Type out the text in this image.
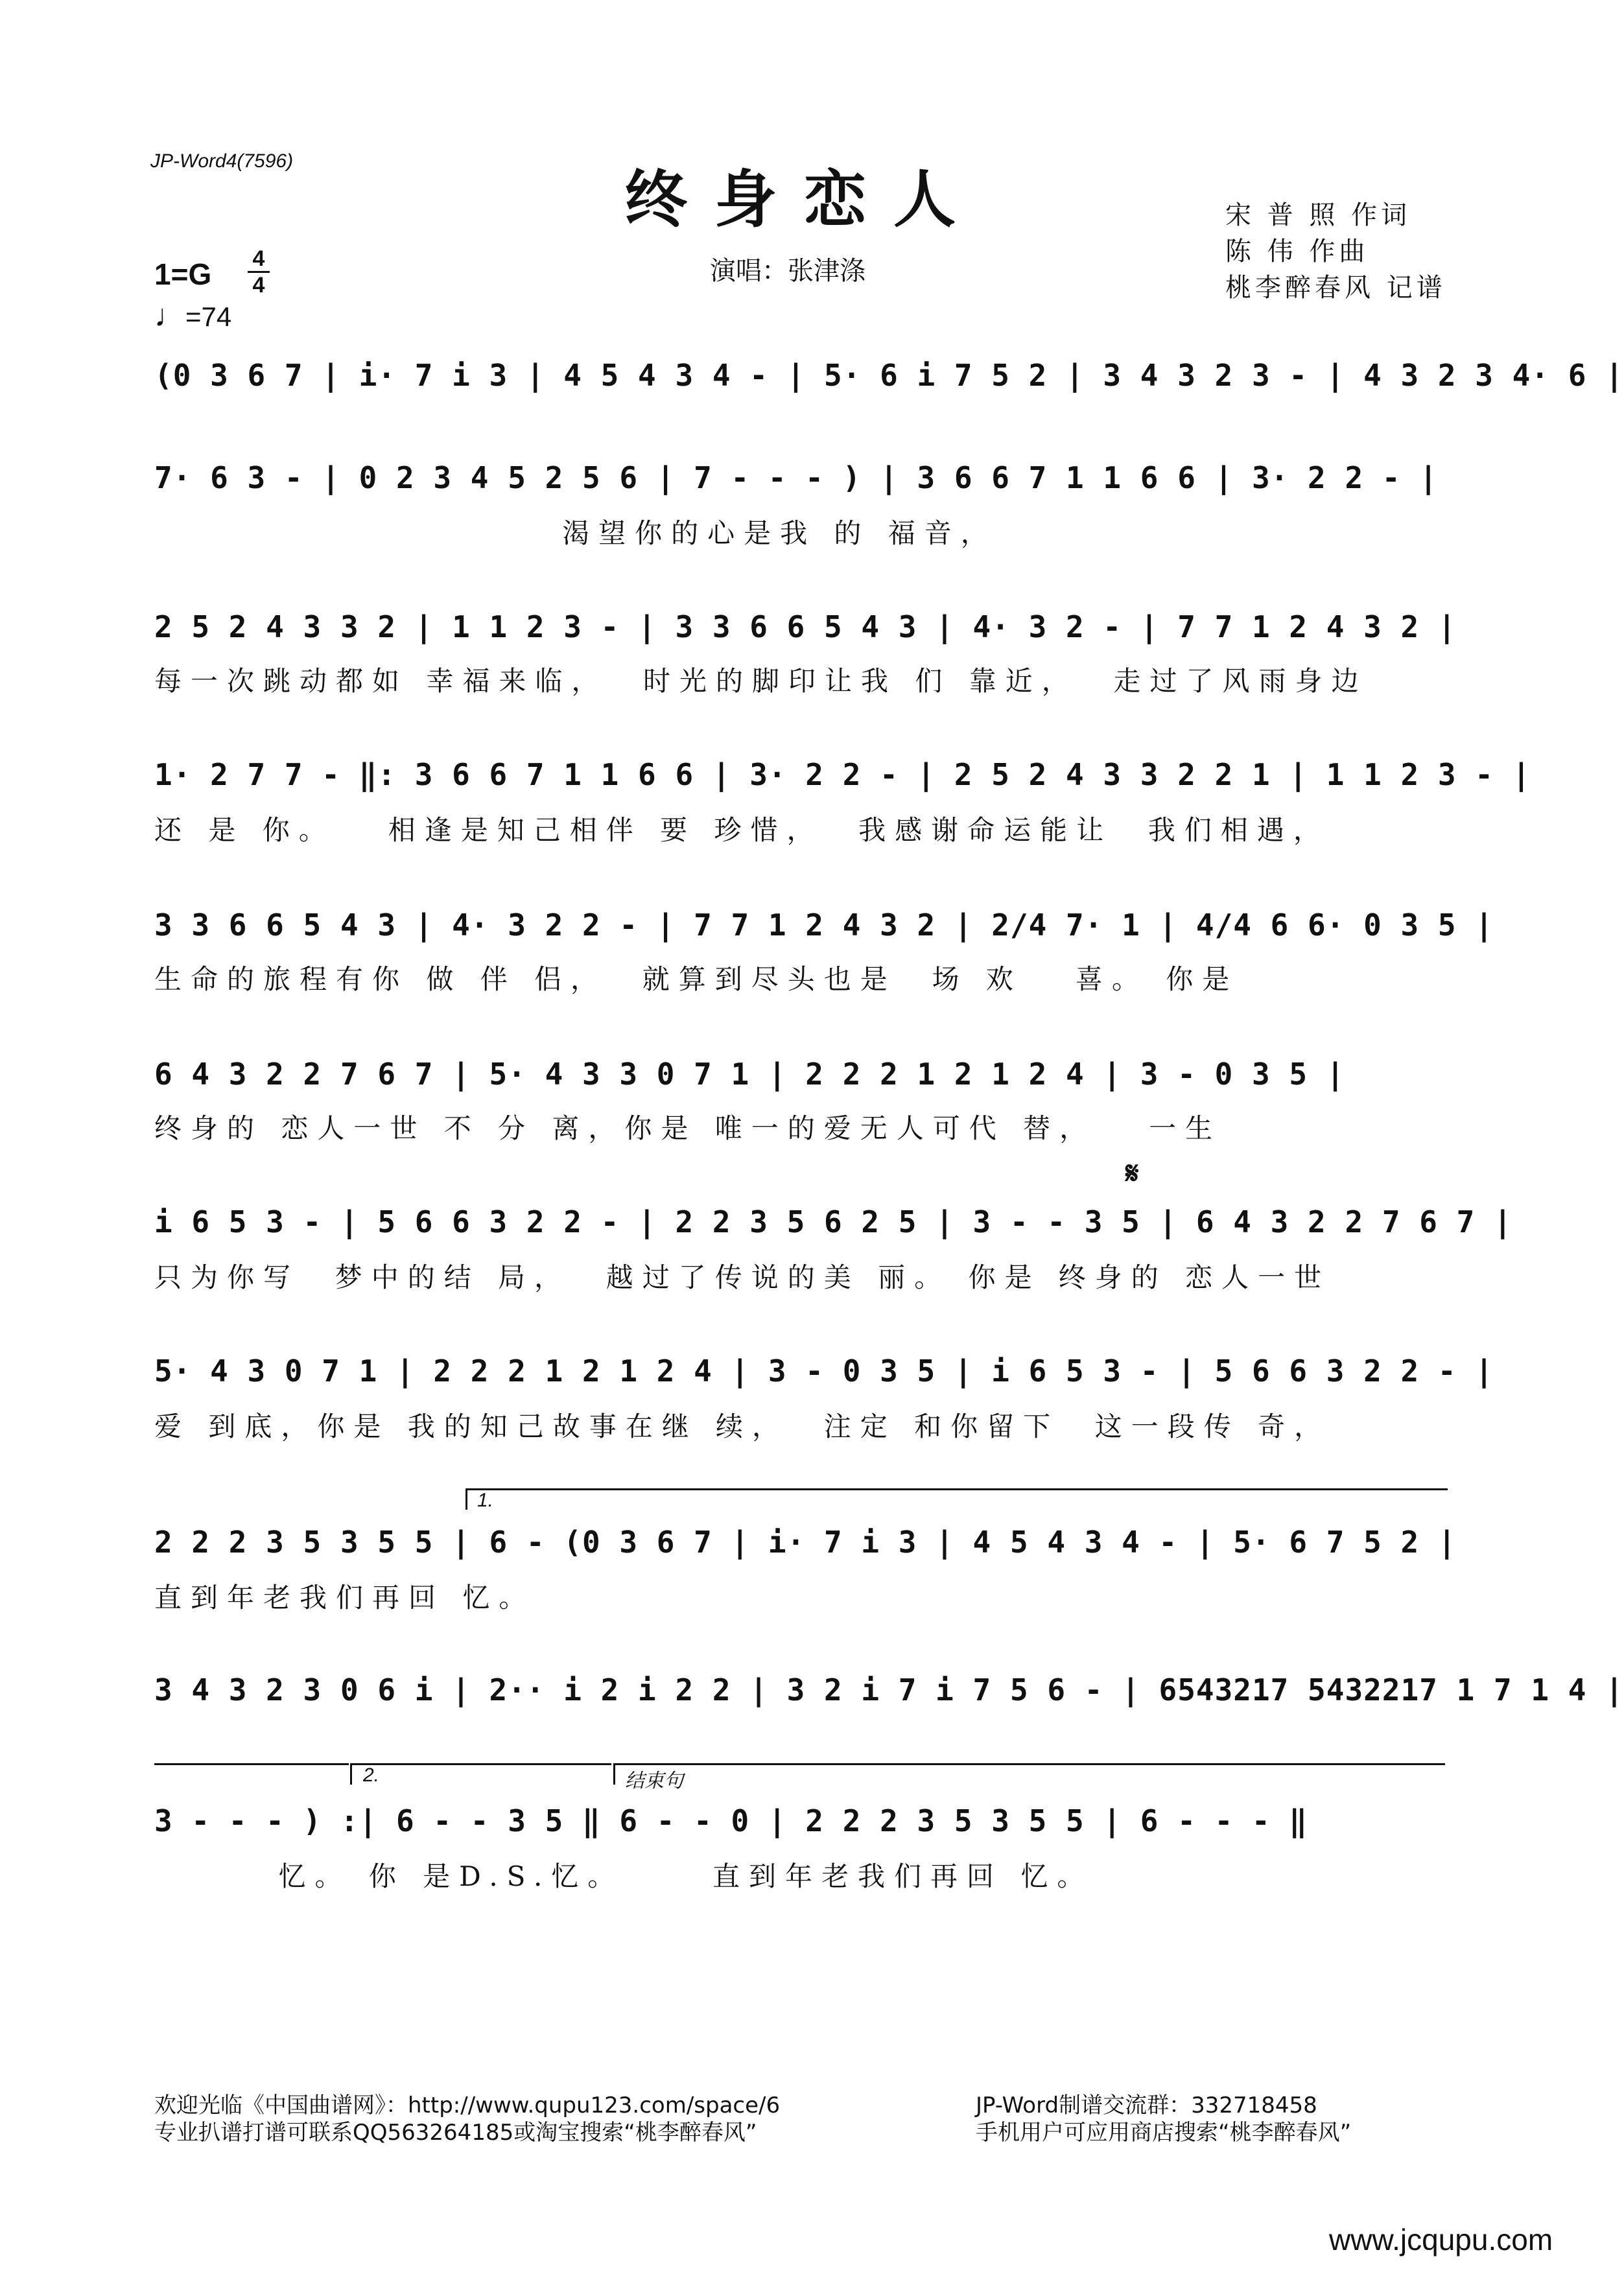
JP-Word4(7596)
终身恋人
演唱：张津涤
宋 普 照 作词
陈 伟 作曲
桃李醉春风 记谱
1=G 4
4
♩=74
(0 3 6 7 | i· 7 i 3 | 4 5 4 3 4 - | 5· 6 i 7 5 2 | 3 4 3 2 3 - | 4 3 2 3 4· 6 |
7· 6 3 - | 0 2 3 4 5 2 5 6 | 7 - - - ) | 3 6 6 7 1 1 6 6 | 3· 2 2 - |
渴望你的心是我 的 福音，
2 5 2 4 3 3 2 | 1 1 2 3 - | 3 3 6 6 5 4 3 | 4· 3 2 - | 7 7 1 2 4 3 2 |
每一次跳动都如 幸福来临，  时光的脚印让我 们 靠近，  走过了风雨身边
1· 2 7 7 - ‖: 3 6 6 7 1 1 6 6 | 3· 2 2 - | 2 5 2 4 3 3 2 2 1 | 1 1 2 3 - |
还 是 你。   相逢是知己相伴 要 珍惜，  我感谢命运能让  我们相遇，
3 3 6 6 5 4 3 | 4· 3 2 2 - | 7 7 1 2 4 3 2 | 2/4 7· 1 | 4/4 6 6· 0 3 5 |
生命的旅程有你 做 伴 侣，  就算到尽头也是  场 欢   喜。 你是
6 4 3 2 2 7 6 7 | 5· 4 3 3 0 7 1 | 2 2 2 1 2 1 2 4 | 3 - 0 3 5 |
终身的 恋人一世 不 分 离，你是 唯一的爱无人可代 替，   一生
𝄋
i 6 5 3 - | 5 6 6 3 2 2 - | 2 2 3 5 6 2 5 | 3 - - 3 5 | 6 4 3 2 2 7 6 7 |
只为你写  梦中的结 局，  越过了传说的美 丽。 你是 终身的 恋人一世
5· 4 3 0 7 1 | 2 2 2 1 2 1 2 4 | 3 - 0 3 5 | i 6 5 3 - | 5 6 6 3 2 2 - |
爱 到底，你是 我的知己故事在继 续，  注定 和你留下  这一段传 奇，
1.
2 2 2 3 5 3 5 5 | 6 - (0 3 6 7 | i· 7 i 3 | 4 5 4 3 4 - | 5· 6 7 5 2 |
直到年老我们再回 忆。
3 4 3 2 3 0 6 i | 2·· i 2 i 2 2 | 3 2 i 7 i 7 5 6 - | 6543217 5432217 1 7 1 4 |
2.	结束句
3 - - - ) :| 6 - - 3 5 ‖ 6 - - 0 | 2 2 2 3 5 3 5 5 | 6 - - - ‖
忆。 你 是D.S.忆。     直到年老我们再回 忆。
欢迎光临《中国曲谱网》：http://www.qupu123.com/space/6
专业扒谱打谱可联系QQ563264185或淘宝搜索“桃李醉春风”
JP-Word制谱交流群：332718458
手机用户可应用商店搜索“桃李醉春风”
www.jcqupu.com
